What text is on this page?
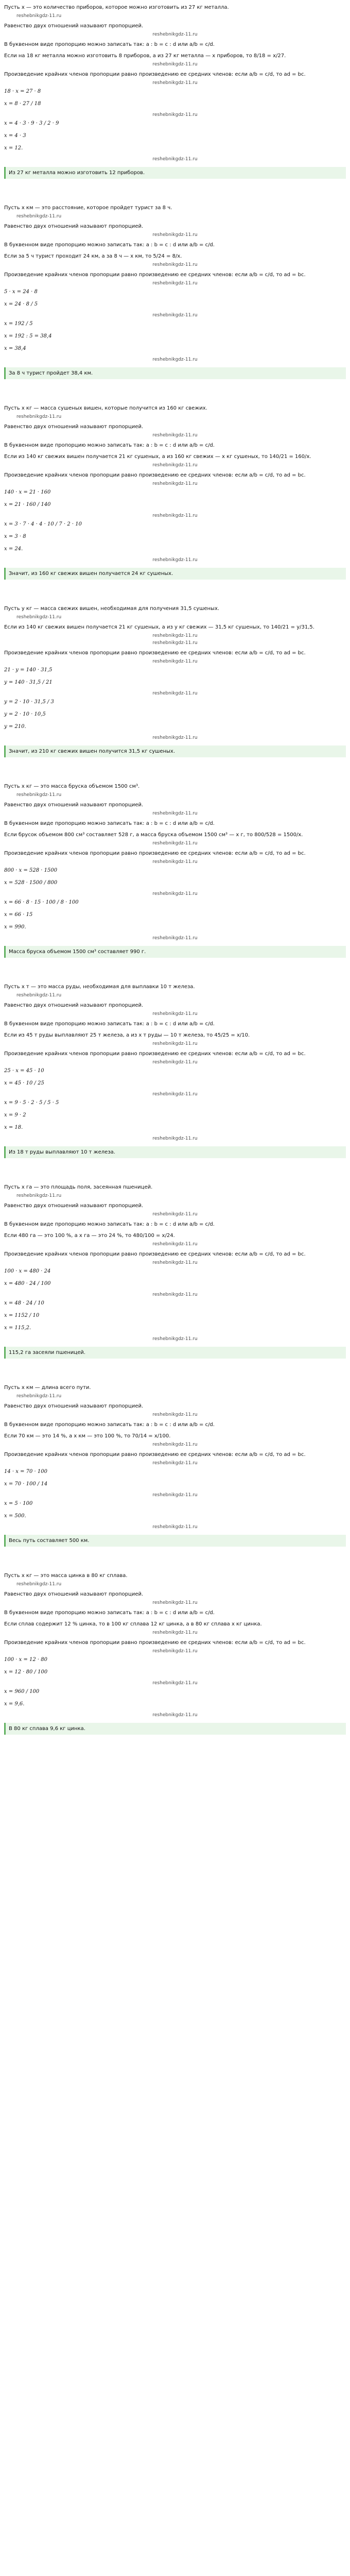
Пусть x — это количество приборов, которое можно изготовить из 27 кг металла.
reshebnikgdz-11.ru
Равенство двух отношений называют пропорцией.
reshebnikgdz-11.ru
В буквенном виде пропорцию можно записать так: a : b = c : d или a/b = c/d.
Если на 18 кг металла можно изготовить 8 приборов, а из 27 кг металла — x приборов, то 8/18 = x/27.
reshebnikgdz-11.ru
Произведение крайних членов пропорции равно произведению ее средних членов: если a/b = c/d, то ad = bc.
reshebnikgdz-11.ru
18 · x = 27 · 8
x = 8 · 27 / 18
reshebnikgdz-11.ru
x = 4 · 3 · 9 · 3 / 2 · 9
x = 4 · 3
x = 12.
reshebnikgdz-11.ru
Из 27 кг металла можно изготовить 12 приборов.
Пусть x км — это расстояние, которое пройдет турист за 8 ч.
reshebnikgdz-11.ru
Равенство двух отношений называют пропорцией.
reshebnikgdz-11.ru
В буквенном виде пропорцию можно записать так: a : b = c : d или a/b = c/d.
Если за 5 ч турист проходит 24 км, а за 8 ч — x км, то 5/24 = 8/x.
reshebnikgdz-11.ru
Произведение крайних членов пропорции равно произведению ее средних членов: если a/b = c/d, то ad = bc.
reshebnikgdz-11.ru
5 · x = 24 · 8
x = 24 · 8 / 5
reshebnikgdz-11.ru
x = 192 / 5
x = 192 : 5 = 38,4
x = 38,4
reshebnikgdz-11.ru
За 8 ч турист пройдет 38,4 км.
Пусть x кг — масса сушеных вишен, которые получится из 160 кг свежих.
reshebnikgdz-11.ru
Равенство двух отношений называют пропорцией.
reshebnikgdz-11.ru
В буквенном виде пропорцию можно записать так: a : b = c : d или a/b = c/d.
Если из 140 кг свежих вишен получается 21 кг сушеных, а из 160 кг свежих — x кг сушеных, то 140/21 = 160/x.
reshebnikgdz-11.ru
Произведение крайних членов пропорции равно произведению ее средних членов: если a/b = c/d, то ad = bc.
reshebnikgdz-11.ru
140 · x = 21 · 160
x = 21 · 160 / 140
reshebnikgdz-11.ru
x = 3 · 7 · 4 · 4 · 10 / 7 · 2 · 10
x = 3 · 8
x = 24.
reshebnikgdz-11.ru
Значит, из 160 кг свежих вишен получается 24 кг сушеных.
Пусть y кг — масса свежих вишен, необходимая для получения 31,5 сушеных.
reshebnikgdz-11.ru
Если из 140 кг свежих вишен получается 21 кг сушеных, а из y кг свежих — 31,5 кг сушеных, то 140/21 = y/31,5.
reshebnikgdz-11.ru
reshebnikgdz-11.ru
Произведение крайних членов пропорции равно произведению ее средних членов: если a/b = c/d, то ad = bc.
reshebnikgdz-11.ru
21 · y = 140 · 31,5
y = 140 · 31,5 / 21
reshebnikgdz-11.ru
y = 2 · 10 · 31,5 / 3
y = 2 · 10 · 10,5
y = 210.
reshebnikgdz-11.ru
Значит, из 210 кг свежих вишен получится 31,5 кг сушеных.
Пусть x кг — это масса бруска объемом 1500 см³.
reshebnikgdz-11.ru
Равенство двух отношений называют пропорцией.
reshebnikgdz-11.ru
В буквенном виде пропорцию можно записать так: a : b = c : d или a/b = c/d.
Если брусок объемом 800 см³ составляет 528 г, а масса бруска объемом 1500 см³ — x г, то 800/528 = 1500/x.
reshebnikgdz-11.ru
Произведение крайних членов пропорции равно произведению ее средних членов: если a/b = c/d, то ad = bc.
reshebnikgdz-11.ru
800 · x = 528 · 1500
x = 528 · 1500 / 800
reshebnikgdz-11.ru
x = 66 · 8 · 15 · 100 / 8 · 100
x = 66 · 15
x = 990.
reshebnikgdz-11.ru
Масса бруска объемом 1500 см³ составляет 990 г.
Пусть x т — это масса руды, необходимая для выплавки 10 т железа.
reshebnikgdz-11.ru
Равенство двух отношений называют пропорцией.
reshebnikgdz-11.ru
В буквенном виде пропорцию можно записать так: a : b = c : d или a/b = c/d.
Если из 45 т руды выплавляют 25 т железа, а из x т руды — 10 т железа, то 45/25 = x/10.
reshebnikgdz-11.ru
Произведение крайних членов пропорции равно произведению ее средних членов: если a/b = c/d, то ad = bc.
reshebnikgdz-11.ru
25 · x = 45 · 10
x = 45 · 10 / 25
reshebnikgdz-11.ru
x = 9 · 5 · 2 · 5 / 5 · 5
x = 9 · 2
x = 18.
reshebnikgdz-11.ru
Из 18 т руды выплавляют 10 т железа.
Пусть x га — это площадь поля, засеянная пшеницей.
reshebnikgdz-11.ru
Равенство двух отношений называют пропорцией.
reshebnikgdz-11.ru
В буквенном виде пропорцию можно записать так: a : b = c : d или a/b = c/d.
Если 480 га — это 100 %, а x га — это 24 %, то 480/100 = x/24.
reshebnikgdz-11.ru
Произведение крайних членов пропорции равно произведению ее средних членов: если a/b = c/d, то ad = bc.
reshebnikgdz-11.ru
100 · x = 480 · 24
x = 480 · 24 / 100
reshebnikgdz-11.ru
x = 48 · 24 / 10
x = 1152 / 10
x = 115,2.
reshebnikgdz-11.ru
115,2 га засеяли пшеницей.
Пусть x км — длина всего пути.
reshebnikgdz-11.ru
Равенство двух отношений называют пропорцией.
reshebnikgdz-11.ru
В буквенном виде пропорцию можно записать так: a : b = c : d или a/b = c/d.
Если 70 км — это 14 %, а x км — это 100 %, то 70/14 = x/100.
reshebnikgdz-11.ru
Произведение крайних членов пропорции равно произведению ее средних членов: если a/b = c/d, то ad = bc.
reshebnikgdz-11.ru
14 · x = 70 · 100
x = 70 · 100 / 14
reshebnikgdz-11.ru
x = 5 · 100
x = 500.
reshebnikgdz-11.ru
Весь путь составляет 500 км.
Пусть x кг — это масса цинка в 80 кг сплава.
reshebnikgdz-11.ru
Равенство двух отношений называют пропорцией.
reshebnikgdz-11.ru
В буквенном виде пропорцию можно записать так: a : b = c : d или a/b = c/d.
Если сплав содержит 12 % цинка, то в 100 кг сплава 12 кг цинка, а в 80 кг сплава x кг цинка.
reshebnikgdz-11.ru
Произведение крайних членов пропорции равно произведению ее средних членов: если a/b = c/d, то ad = bc.
reshebnikgdz-11.ru
100 · x = 12 · 80
x = 12 · 80 / 100
reshebnikgdz-11.ru
x = 960 / 100
x = 9,6.
reshebnikgdz-11.ru
В 80 кг сплава 9,6 кг цинка.
